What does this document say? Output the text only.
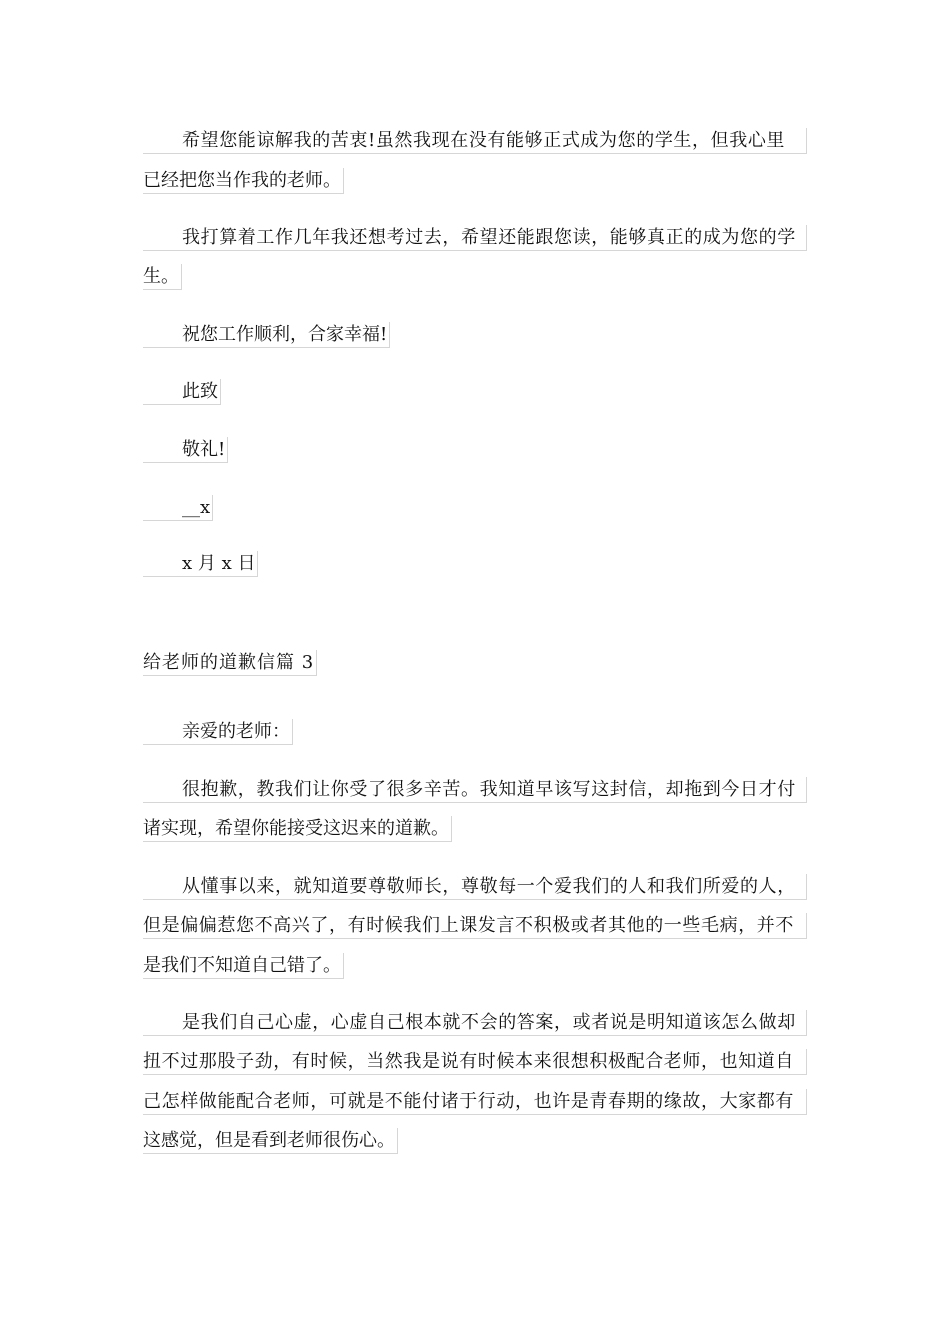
希望您能谅解我的苦衷!虽然我现在没有能够正式成为您的学生，但我心里
已经把您当作我的老师。
我打算着工作几年我还想考过去，希望还能跟您读，能够真正的成为您的学
生。
祝您工作顺利，合家幸福!
此致
敬礼!
__x
x 月 x 日
给老师的道歉信篇 3
亲爱的老师：
很抱歉，教我们让你受了很多辛苦。我知道早该写这封信，却拖到今日才付
诸实现，希望你能接受这迟来的道歉。
从懂事以来，就知道要尊敬师长，尊敬每一个爱我们的人和我们所爱的人，
但是偏偏惹您不高兴了，有时候我们上课发言不积极或者其他的一些毛病，并不
是我们不知道自己错了。
是我们自己心虚，心虚自己根本就不会的答案，或者说是明知道该怎么做却
扭不过那股子劲，有时候，当然我是说有时候本来很想积极配合老师，也知道自
己怎样做能配合老师，可就是不能付诸于行动，也许是青春期的缘故，大家都有
这感觉，但是看到老师很伤心。
